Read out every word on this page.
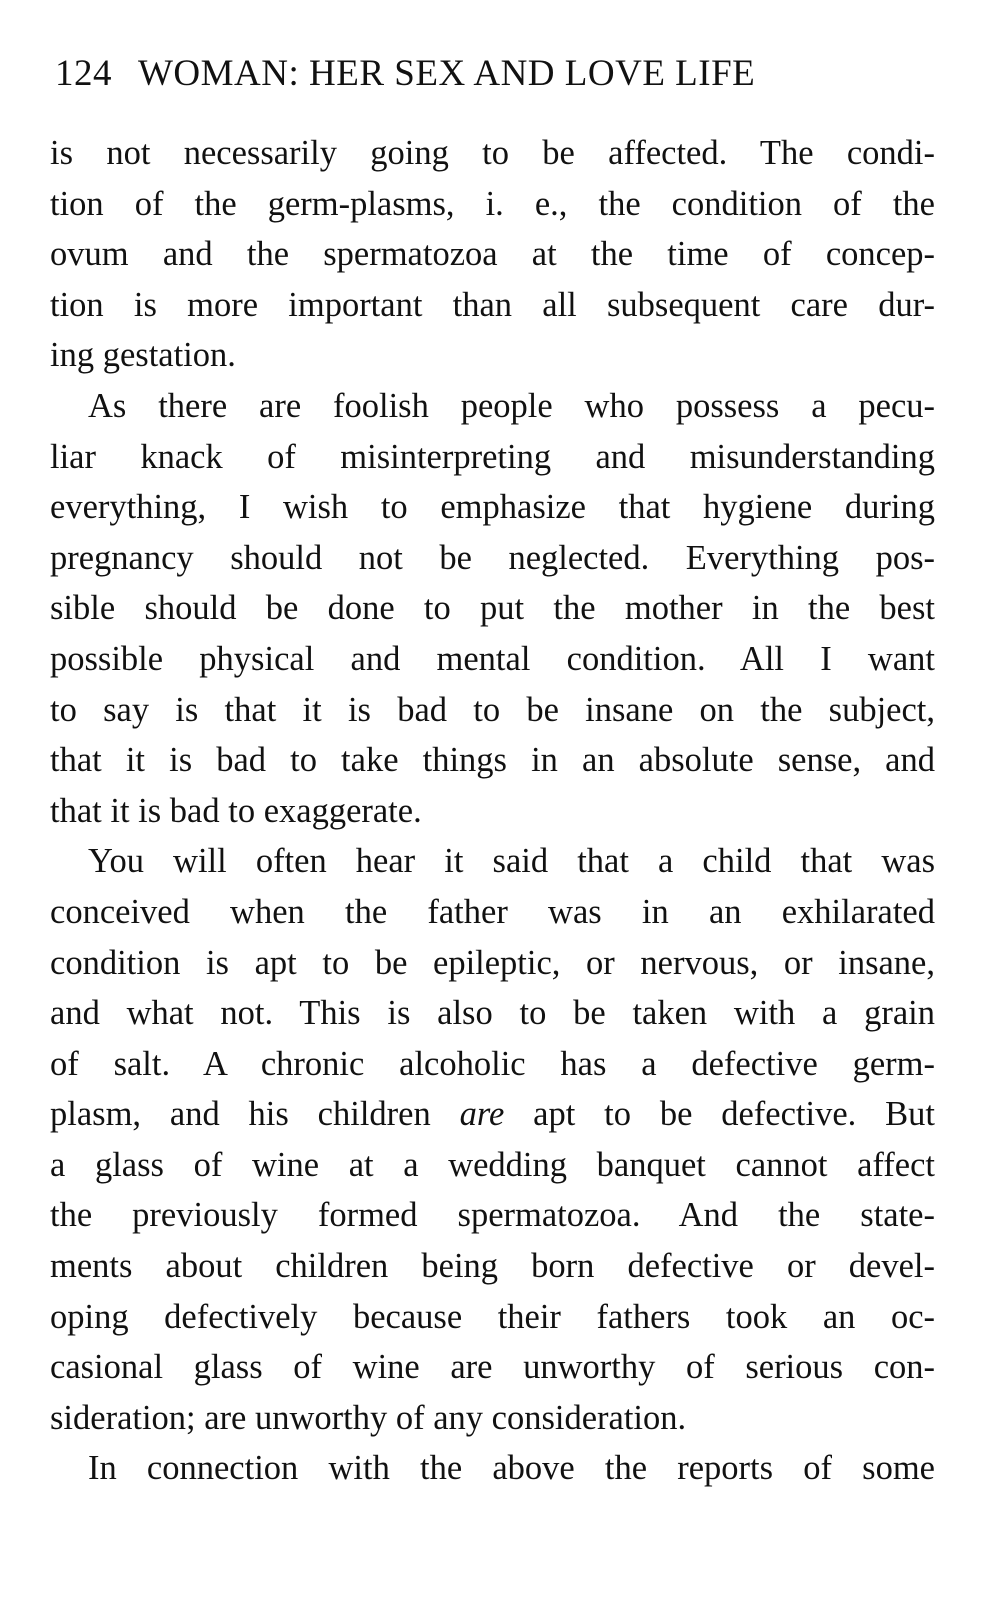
124 WOMAN: HER SEX AND LOVE LIFE
is not necessarily going to be affected. The condi-
tion of the germ-plasms, i. e., the condition of the
ovum and the spermatozoa at the time of concep-
tion is more important than all subsequent care dur-
ing gestation.
As there are foolish people who possess a pecu-
liar knack of misinterpreting and misunderstanding
everything, I wish to emphasize that hygiene during
pregnancy should not be neglected. Everything pos-
sible should be done to put the mother in the best
possible physical and mental condition. All I want
to say is that it is bad to be insane on the subject,
that it is bad to take things in an absolute sense, and
that it is bad to exaggerate.
You will often hear it said that a child that was
conceived when the father was in an exhilarated
condition is apt to be epileptic, or nervous, or insane,
and what not. This is also to be taken with a grain
of salt. A chronic alcoholic has a defective germ-
plasm, and his children are apt to be defective. But
a glass of wine at a wedding banquet cannot affect
the previously formed spermatozoa. And the state-
ments about children being born defective or devel-
oping defectively because their fathers took an oc-
casional glass of wine are unworthy of serious con-
sideration; are unworthy of any consideration.
In connection with the above the reports of some
